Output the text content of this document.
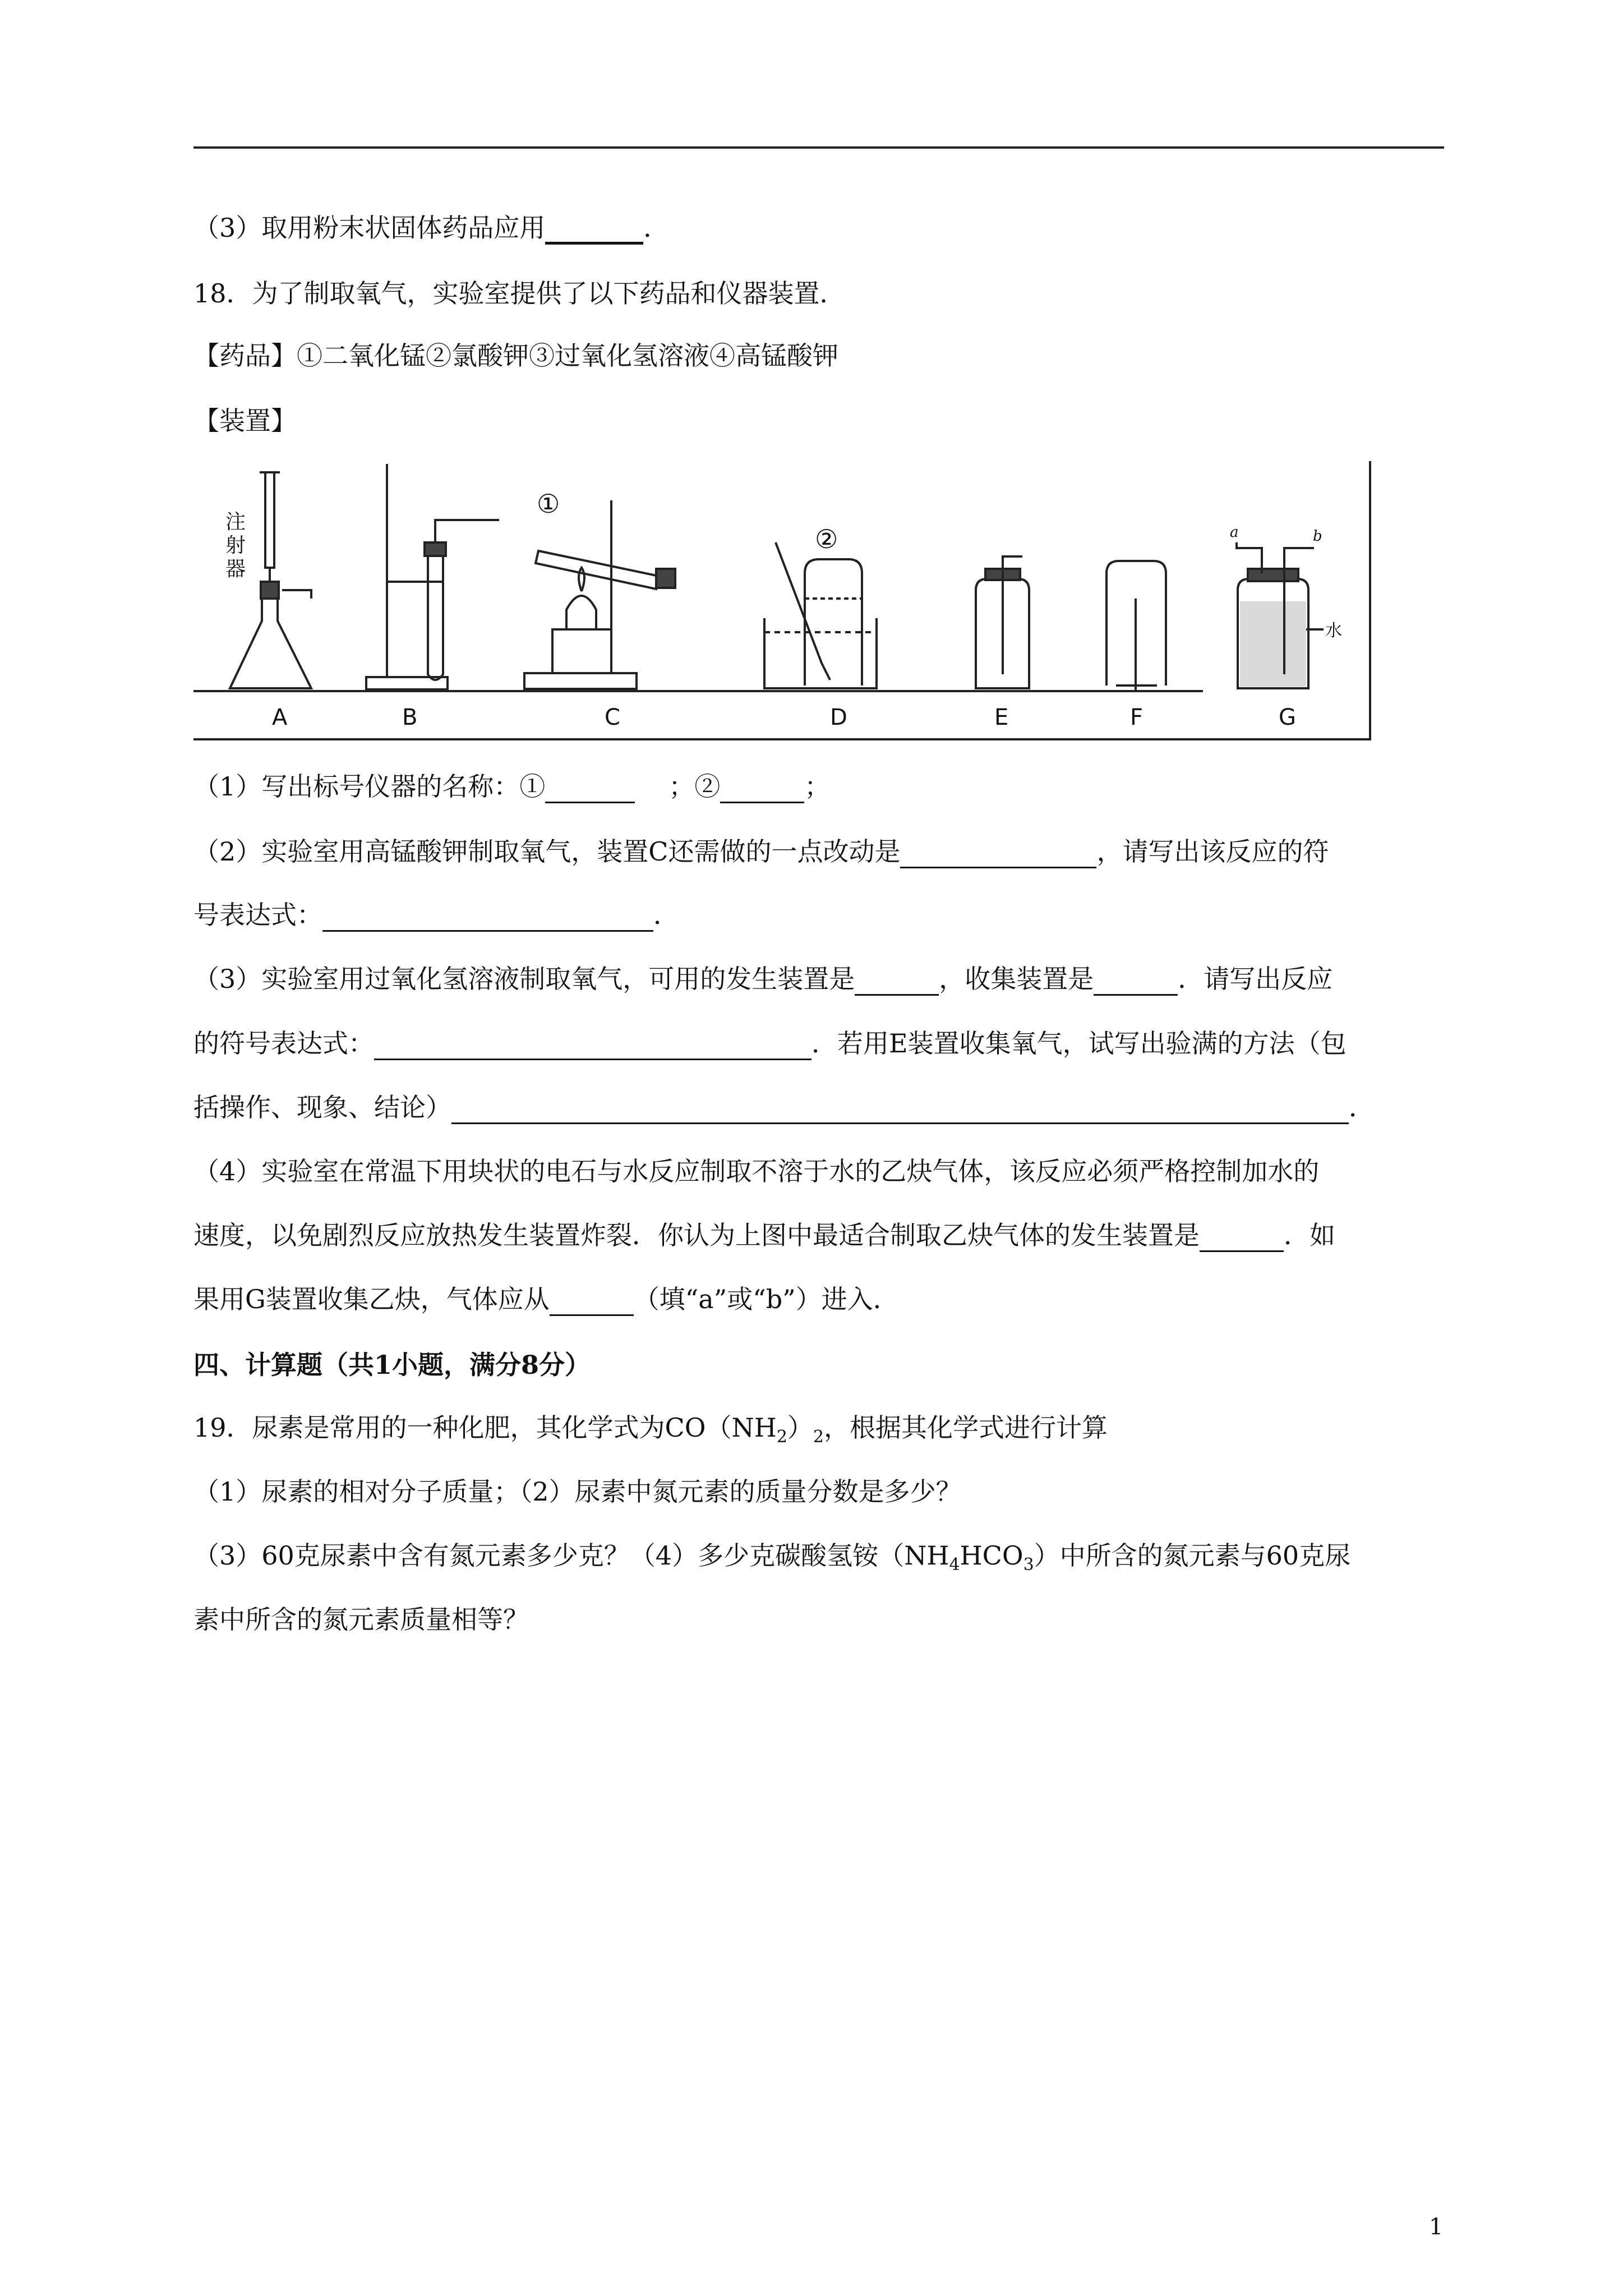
（3）取用粉末状固体药品应用	．
18．为了制取氧气，实验室提供了以下药品和仪器装置．
【药品】①二氧化锰②氯酸钾③过氧化氢溶液④高锰酸钾
【装置】
注
射
器
①
②
水
a	b
A	B	C	D	E	F	G
（1）写出标号仪器的名称：①	；②	；
（2）实验室用高锰酸钾制取氧气，装置C还需做的一点改动是	，请写出该反应的符
号表达式：	．
（3）实验室用过氧化氢溶液制取氧气，可用的发生装置是	，收集装置是	．请写出反应
的符号表达式：	．若用E装置收集氧气，试写出验满的方法（包
括操作、现象、结论）	．
（4）实验室在常温下用块状的电石与水反应制取不溶于水的乙炔气体，该反应必须严格控制加水的
速度，以免剧烈反应放热发生装置炸裂．你认为上图中最适合制取乙炔气体的发生装置是	．如
果用G装置收集乙炔，气体应从	（填“a”或“b”）进入．
四、计算题（共1小题，满分8分）
19．尿素是常用的一种化肥，其化学式为$CO(NH_2)_2$，根据其化学式进行计算
（1）尿素的相对分子质量；（2）尿素中氮元素的质量分数是多少？
（3）60克尿素中含有氮元素多少克？（4）多少克碳酸氢铵$(NH_4HCO_3)$中所含的氮元素与60克尿
素中所含的氮元素质量相等？
1
